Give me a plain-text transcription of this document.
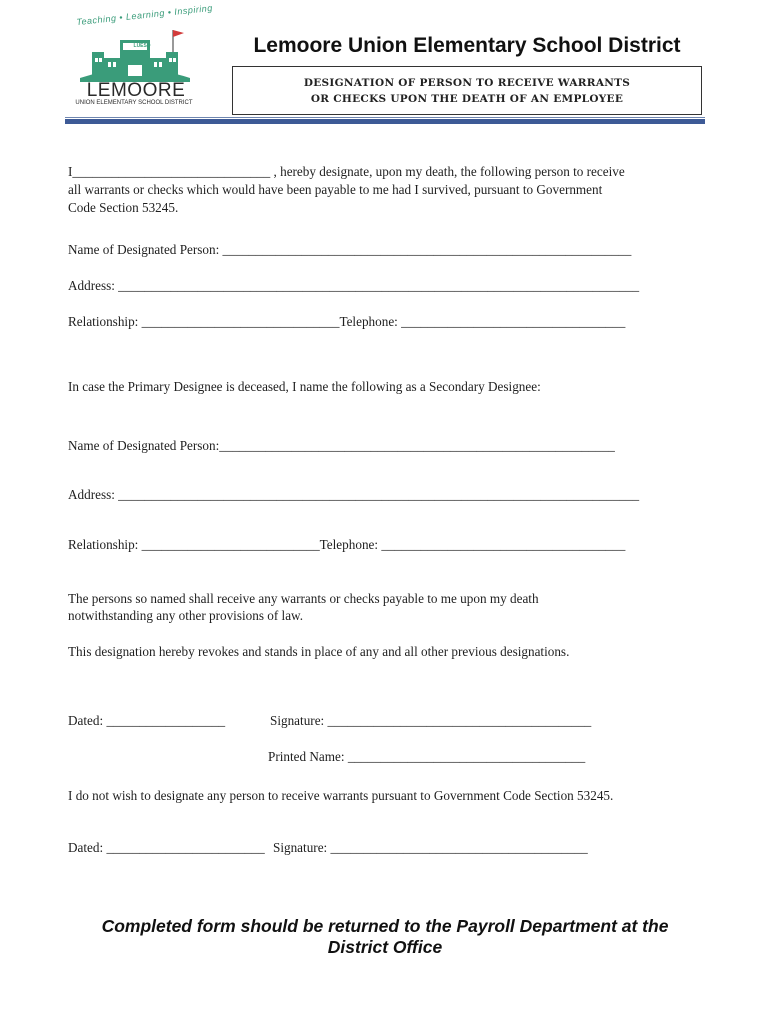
Teaching • Learning • Inspiring
LUESD
LEMOORE
UNION ELEMENTARY SCHOOL DISTRICT
Lemoore Union Elementary School District
DESIGNATION OF PERSON TO RECEIVE WARRANTS
OR CHECKS UPON THE DEATH OF AN EMPLOYEE
I______________________________ , hereby designate, upon my death, the following person to receive
all warrants or checks which would have been payable to me had I survived, pursuant to Government
Code Section 53245.
Name of Designated Person: ______________________________________________________________
Address: _______________________________________________________________________________
Relationship: ______________________________Telephone: __________________________________
In case the Primary Designee is deceased, I name the following as a Secondary Designee:
Name of Designated Person:____________________________________________________________
Address: _______________________________________________________________________________
Relationship: ___________________________Telephone: _____________________________________
The persons so named shall receive any warrants or checks payable to me upon my death
notwithstanding any other provisions of law.
This designation hereby revokes and stands in place of any and all other previous designations.
Dated: __________________	Signature: ________________________________________
Printed Name: ____________________________________
I do not wish to designate any person to receive warrants pursuant to Government Code Section 53245.
Dated: ________________________ Signature: _______________________________________
Completed form should be returned to the Payroll Department at the
District Office
